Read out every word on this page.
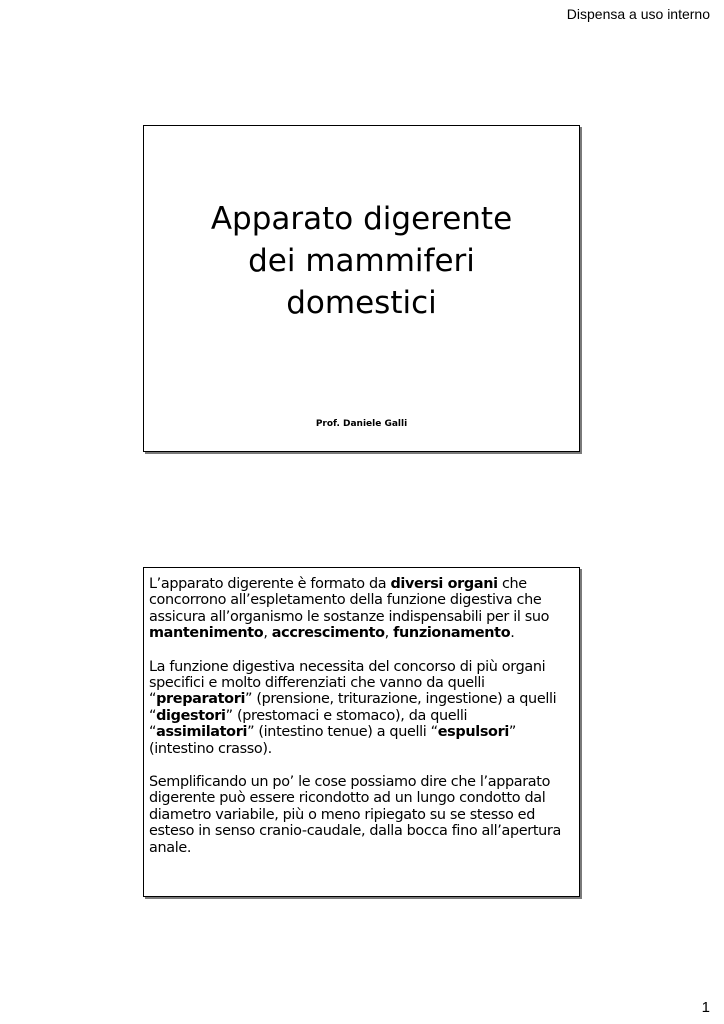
Dispensa a uso interno
Apparato digerente
dei mammiferi
domestici
Prof. Daniele Galli

L’apparato digerente è formato da diversi organi che concorrono all’espletamento della funzione digestiva che assicura all’organismo le sostanze indispensabili per il suo mantenimento, accrescimento, funzionamento.

La funzione digestiva necessita del concorso di più organi specifici e molto differenziati che vanno da quelli “preparatori” (prensione, triturazione, ingestione) a quelli “digestori” (prestomaci e stomaco), da quelli “assimilatori” (intestino tenue) a quelli “espulsori” (intestino crasso).

Semplificando un po’ le cose possiamo dire che l’apparato digerente può essere ricondotto ad un lungo condotto dal diametro variabile, più o meno ripiegato su se stesso ed esteso in senso cranio-caudale, dalla bocca fino all’apertura anale.

1
